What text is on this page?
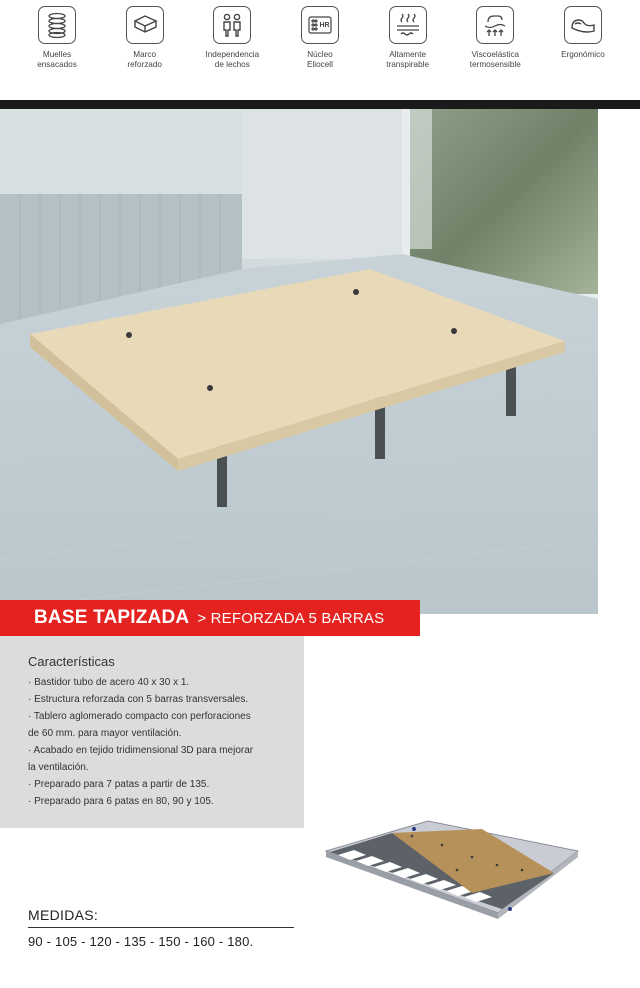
Muelles
ensacados
Marco
reforzado
Independencia
de lechos
HR
Núcleo
Eliocell
Altamente
transpirable
Viscoelástica
termosensible
Ergonómico
BASE TAPIZADA > REFORZADA 5 BARRAS
Características
· Bastidor tubo de acero 40 x 30 x 1.
· Estructura reforzada con 5 barras transversales.
· Tablero aglomerado compacto con perforaciones
de 60 mm. para mayor ventilación.
· Acabado en tejido tridimensional 3D para mejorar
la ventilación.
· Preparado para 7 patas a partir de 135.
· Preparado para 6 patas en 80, 90 y 105.
MEDIDAS:
90 - 105 - 120 - 135 - 150 - 160 - 180.
